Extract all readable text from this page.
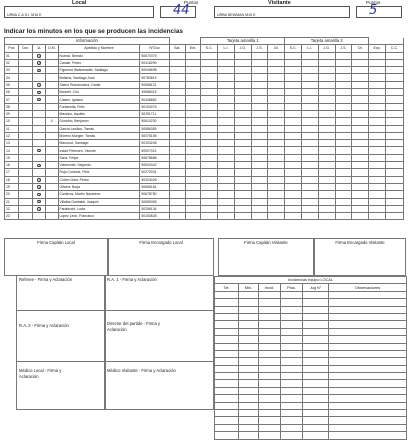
Local	Puntos
URBA C.A.S.I. M15 E	44	Visitante	Puntos
URBA NEWMAN M15 E	5
Indicar los minutos en los que se producen las incidencias
Información								Tarjeta amarilla 1					Tarjeta amarilla 2						
Pos	Dor.	1L	O.M.	Apellido y Nombre	N°Doc	Sal.	Ent.	S.C.	L.I.	J.G.	J.S.	Dt.	S.C.	L.I.	J.G.	J.S.	Dt.	Exp.	C.C.
01		1		Nuimol, Benicio	50670375														
02		1		Canale, Pedro	50418290														
03		1		Figueroa Waisserader, Santiago	50048698														
04				Bofama, Santiago Jose	50783815														
05		1		Sáenz Romanowicz, Dante	50588121														
06		1		Bonnell, Ciro	49588419														
07		1		Clasen, Ignacio	50438682														
08				Fontanella, Felix	50103076														
09				Mazzino, Aquiles	50291711														
10			X	Donofrio, Benjamín	50610230														
11				García Laxiliou, Tomás	50586355														
12				Moreno Murgier, Tomás	50075158														
13				Marcucci, Santiago	50103245														
14		1		Indart Petersen, Vicente	50927021														
15				Sanz, Felipe	50678688														
16		1		Vizamonte, Segundo	50520442														
17				Rojo Cordone, Felix	50270031														
18		1		Cohen Gant, Pedro	50324026														
19		1		Olivera, Borja	50655181														
20		1		Canteros, Martín Nazareno	50678780														
21		1		Villalba Garibaldi, Joaquin	50655305														
22		1		Farabicchi, Lucia	50256134														
23				Lopez Leon, Francisco	50153628														
Firma Capitán Local	Firma Encargado Local	Firma Capitán Visitante	Firma Encargado Visitante
Referee - Firma y Aclaración	R.A. 1 - Firma y Aclaración
R.A. 2 - Firma y Aclaración	Director del partido - Firma y Aclaración
Médico Local - Firma y Aclaración
Médico Visitante - Firma y Aclaración
Incidencias equipo LOCAL					
Tie.	Min.	Incid.	Ptos.	Jug N°	Observaciones
